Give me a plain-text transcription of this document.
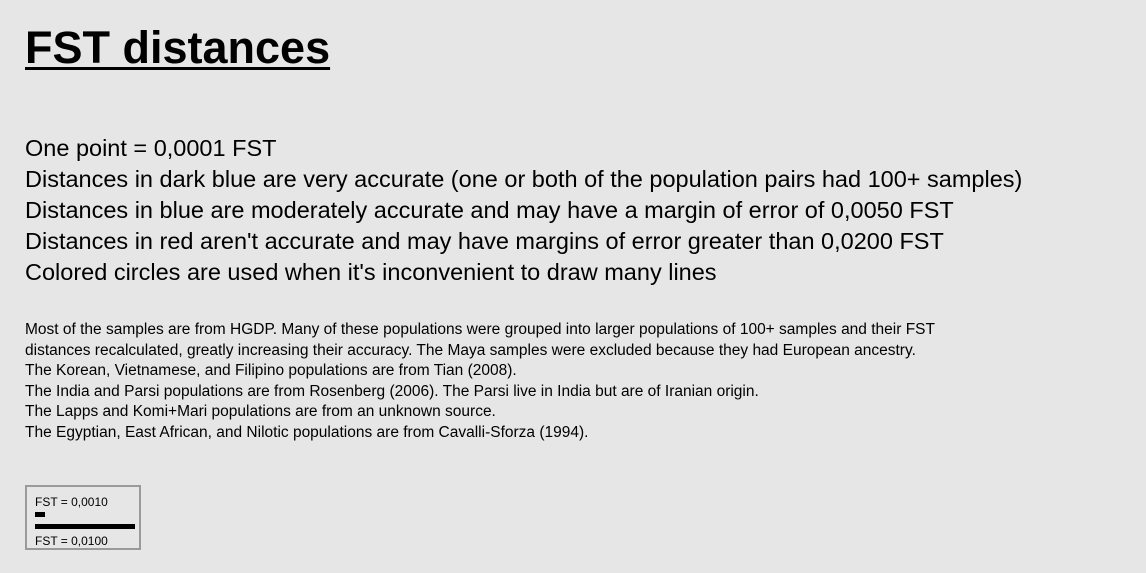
FST distances
One point = 0,0001 FST
Distances in dark blue are very accurate (one or both of the population pairs had 100+ samples)
Distances in blue are moderately accurate and may have a margin of error of 0,0050 FST
Distances in red aren't accurate and may have margins of error greater than 0,0200 FST
Colored circles are used when it's inconvenient to draw many lines
Most of the samples are from HGDP. Many of these populations were grouped into larger populations of 100+ samples and their FST
distances recalculated, greatly increasing their accuracy. The Maya samples were excluded because they had European ancestry.
The Korean, Vietnamese, and Filipino populations are from Tian (2008).
The India and Parsi populations are from Rosenberg (2006). The Parsi live in India but are of Iranian origin.
The Lapps and Komi+Mari populations are from an unknown source.
The Egyptian, East African, and Nilotic populations are from Cavalli-Sforza (1994).
FST = 0,0010
FST = 0,0100
